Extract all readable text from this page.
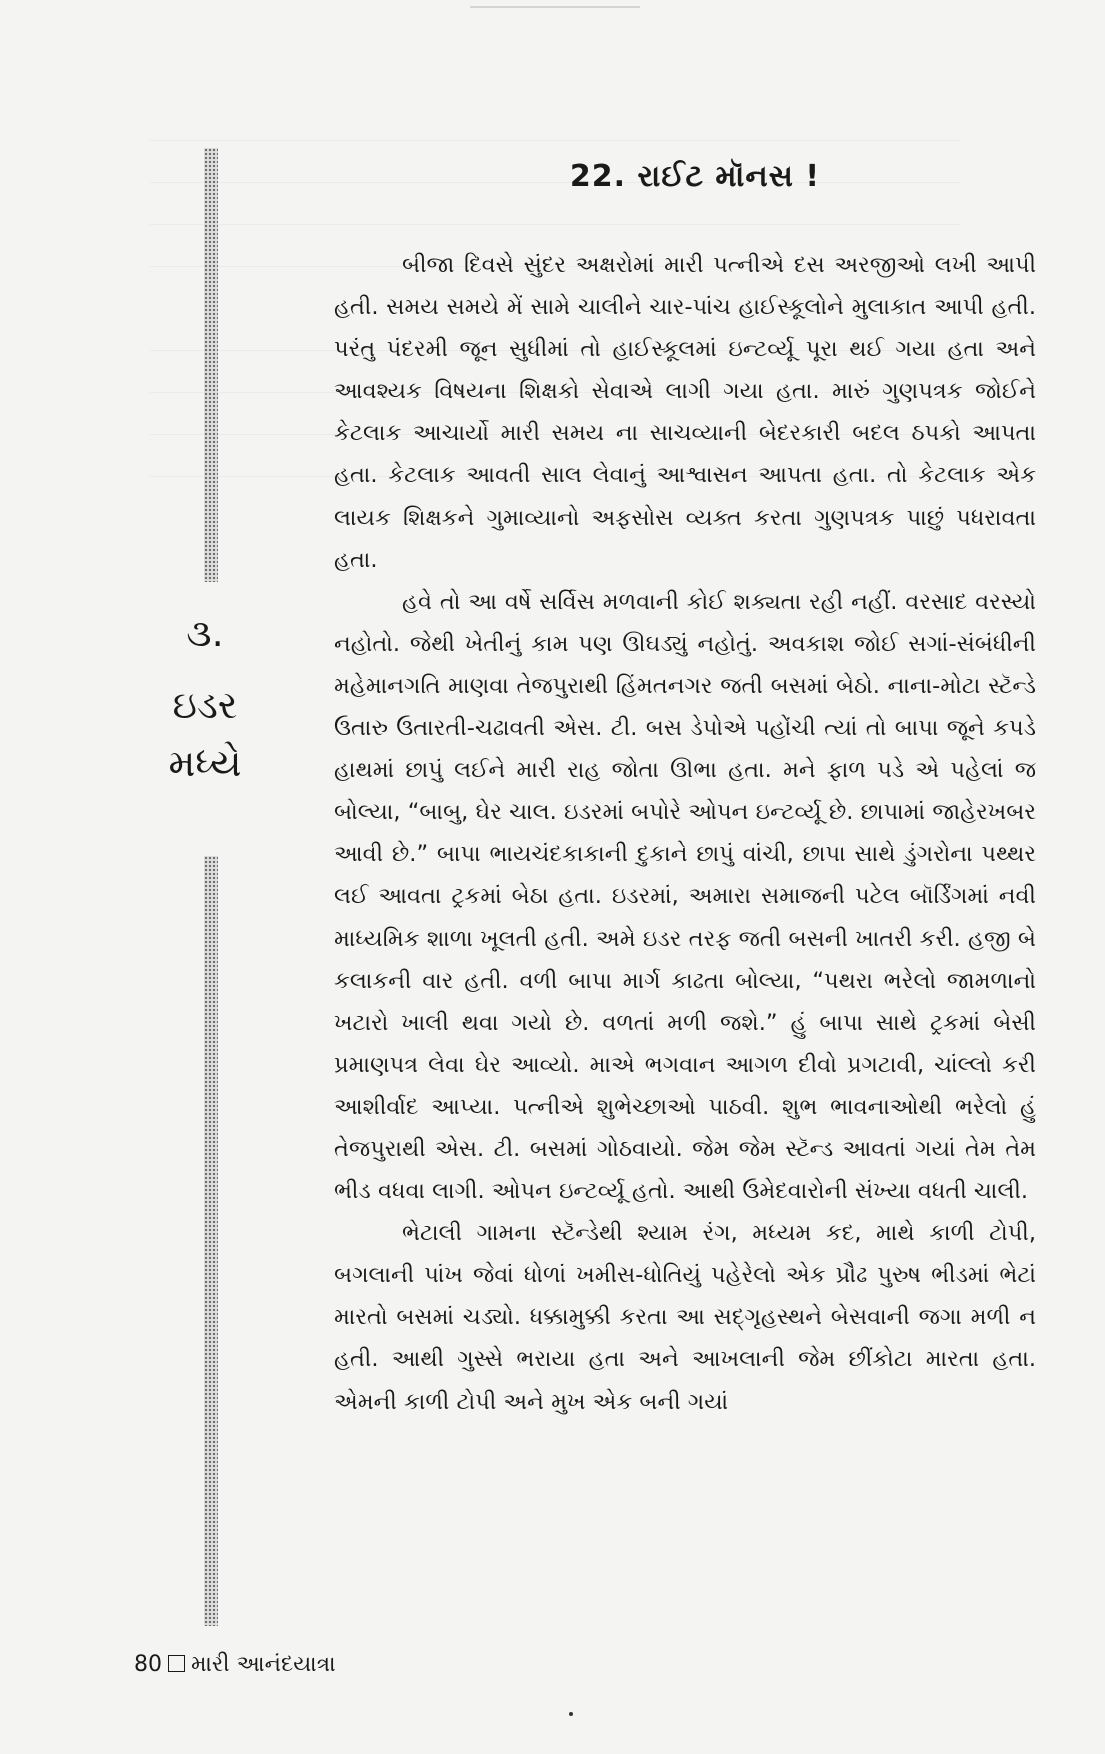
૩.
ઇડર
મધ્યે
22. રાઈટ મૉનસ !

બીજા દિવસે સુંદર અક્ષરોમાં મારી પત્નીએ દસ અરજીઓ લખી આપી હતી. સમય સમયે મેં સામે ચાલીને ચાર-પાંચ હાઈસ્કૂલોને મુલાકાત આપી હતી. પરંતુ પંદરમી જૂન સુધીમાં તો હાઈસ્કૂલમાં ઇન્ટર્વ્યૂ પૂરા થઈ ગયા હતા અને આવશ્યક વિષયના શિક્ષકો સેવાએ લાગી ગયા હતા. મારું ગુણપત્રક જોઈને કેટલાક આચાર્યો મારી સમય ના સાચવ્યાની બેદરકારી બદલ ઠપકો આપતા હતા. કેટલાક આવતી સાલ લેવાનું આશ્વાસન આપતા હતા. તો કેટલાક એક લાયક શિક્ષકને ગુમાવ્યાનો અફસોસ વ્યક્ત કરતા ગુણપત્રક પાછું પધરાવતા હતા.

હવે તો આ વર્ષે સર્વિસ મળવાની કોઈ શક્યતા રહી નહીં. વરસાદ વરસ્યો નહોતો. જેથી ખેતીનું કામ પણ ઊઘડ્યું નહોતું. અવકાશ જોઈ સગાં-સંબંધીની મહેમાનગતિ માણવા તેજપુરાથી હિંમતનગર જતી બસમાં બેઠો. નાના-મોટા સ્ટૅન્ડે ઉતારુ ઉતારતી-ચઢાવતી એસ. ટી. બસ ડેપોએ પહોંચી ત્યાં તો બાપા જૂને કપડે હાથમાં છાપું લઈને મારી રાહ જોતા ઊભા હતા. મને ફાળ પડે એ પહેલાં જ બોલ્યા, “બાબુ, ઘેર ચાલ. ઇડરમાં બપોરે ઓપન ઇન્ટર્વ્યૂ છે. છાપામાં જાહેરખબર આવી છે.” બાપા ભાયચંદકાકાની દુકાને છાપું વાંચી, છાપા સાથે ડુંગરોના પથ્થર લઈ આવતા ટ્રકમાં બેઠા હતા. ઇડરમાં, અમારા સમાજની પટેલ બૉર્ડિંગમાં નવી માધ્યમિક શાળા ખૂલતી હતી. અમે ઇડર તરફ જતી બસની ખાતરી કરી. હજી બે કલાકની વાર હતી. વળી બાપા માર્ગ કાઢતા બોલ્યા, “પથરા ભરેલો જામળાનો ખટારો ખાલી થવા ગયો છે. વળતાં મળી જશે.” હું બાપા સાથે ટ્રકમાં બેસી પ્રમાણપત્ર લેવા ઘેર આવ્યો. માએ ભગવાન આગળ દીવો પ્રગટાવી, ચાંલ્લો કરી આશીર્વાદ આપ્યા. પત્નીએ શુભેચ્છાઓ પાઠવી. શુભ ભાવનાઓથી ભરેલો હું તેજપુરાથી એસ. ટી. બસમાં ગોઠવાયો. જેમ જેમ સ્ટૅન્ડ આવતાં ગયાં તેમ તેમ ભીડ વધવા લાગી. ઓપન ઇન્ટર્વ્યૂ હતો. આથી ઉમેદવારોની સંખ્યા વધતી ચાલી.

ભેટાલી ગામના સ્ટૅન્ડેથી શ્યામ રંગ, મધ્યમ કદ, માથે કાળી ટોપી, બગલાની પાંખ જેવાં ધોળાં ખમીસ-ધોતિયું પહેરેલો એક પ્રૌઢ પુરુષ ભીડમાં ભેટાં મારતો બસમાં ચડ્યો. ધક્કામુક્કી કરતા આ સદ્‌ગૃહસ્થને બેસવાની જગા મળી ન હતી. આથી ગુસ્સે ભરાયા હતા અને આખલાની જેમ છીંકોટા મારતા હતા. એમની કાળી ટોપી અને મુખ એક બની ગયાં

80 મારી આનંદયાત્રા
